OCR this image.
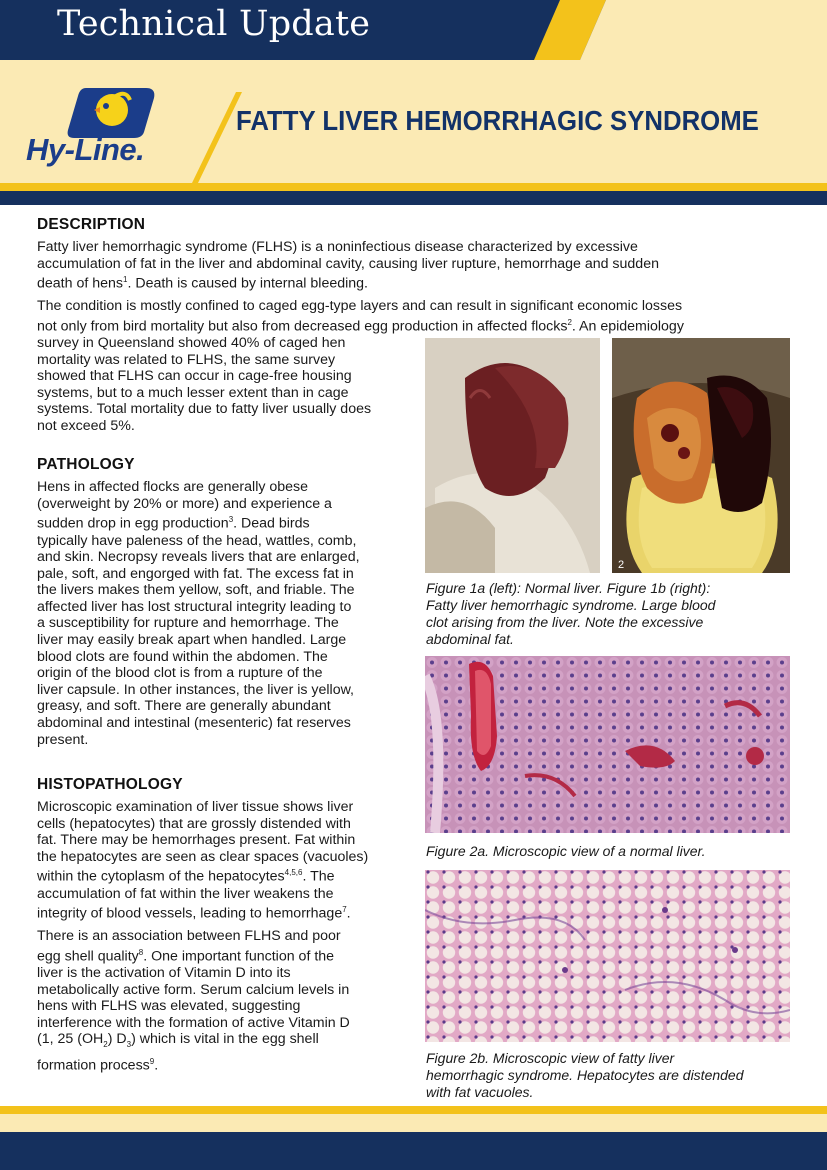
Technical Update
Hy-Line.
FATTY LIVER HEMORRHAGIC SYNDROME
DESCRIPTION
Fatty liver hemorrhagic syndrome (FLHS) is a noninfectious disease characterized by excessive
accumulation of fat in the liver and abdominal cavity, causing liver rupture, hemorrhage and sudden
death of hens$^1$. Death is caused by internal bleeding.
The condition is mostly confined to caged egg-type layers and can result in significant economic losses
not only from bird mortality but also from decreased egg production in affected flocks$^2$. An epidemiology
survey in Queensland showed 40% of caged hen
mortality was related to FLHS, the same survey
showed that FLHS can occur in cage-free housing
systems, but to a much lesser extent than in cage
systems. Total mortality due to fatty liver usually does
not exceed 5%.
PATHOLOGY
Hens in affected flocks are generally obese
(overweight by 20% or more) and experience a
sudden drop in egg production$^3$. Dead birds
typically have paleness of the head, wattles, comb,
and skin. Necropsy reveals livers that are enlarged,
pale, soft, and engorged with fat. The excess fat in
the livers makes them yellow, soft, and friable. The
affected liver has lost structural integrity leading to
a susceptibility for rupture and hemorrhage. The
liver may easily break apart when handled. Large
blood clots are found within the abdomen. The
origin of the blood clot is from a rupture of the
liver capsule. In other instances, the liver is yellow,
greasy, and soft. There are generally abundant
abdominal and intestinal (mesenteric) fat reserves
present.
HISTOPATHOLOGY
Microscopic examination of liver tissue shows liver
cells (hepatocytes) that are grossly distended with
fat. There may be hemorrhages present. Fat within
the hepatocytes are seen as clear spaces (vacuoles)
within the cytoplasm of the hepatocytes$^{4,5,6}$. The
accumulation of fat within the liver weakens the
integrity of blood vessels, leading to hemorrhage$^7$.
There is an association between FLHS and poor
egg shell quality$^8$. One important function of the
liver is the activation of Vitamin D into its
metabolically active form. Serum calcium levels in
hens with FLHS was elevated, suggesting
interference with the formation of active Vitamin D
(1, 25 $(OH_2)$ $D_3$) which is vital in the egg shell
formation process$^9$.
2
Figure 1a (left): Normal liver. Figure 1b (right):
Fatty liver hemorrhagic syndrome. Large blood
clot arising from the liver. Note the excessive
abdominal fat.
Figure 2a. Microscopic view of a normal liver.
Figure 2b. Microscopic view of fatty liver
hemorrhagic syndrome. Hepatocytes are distended
with fat vacuoles.
